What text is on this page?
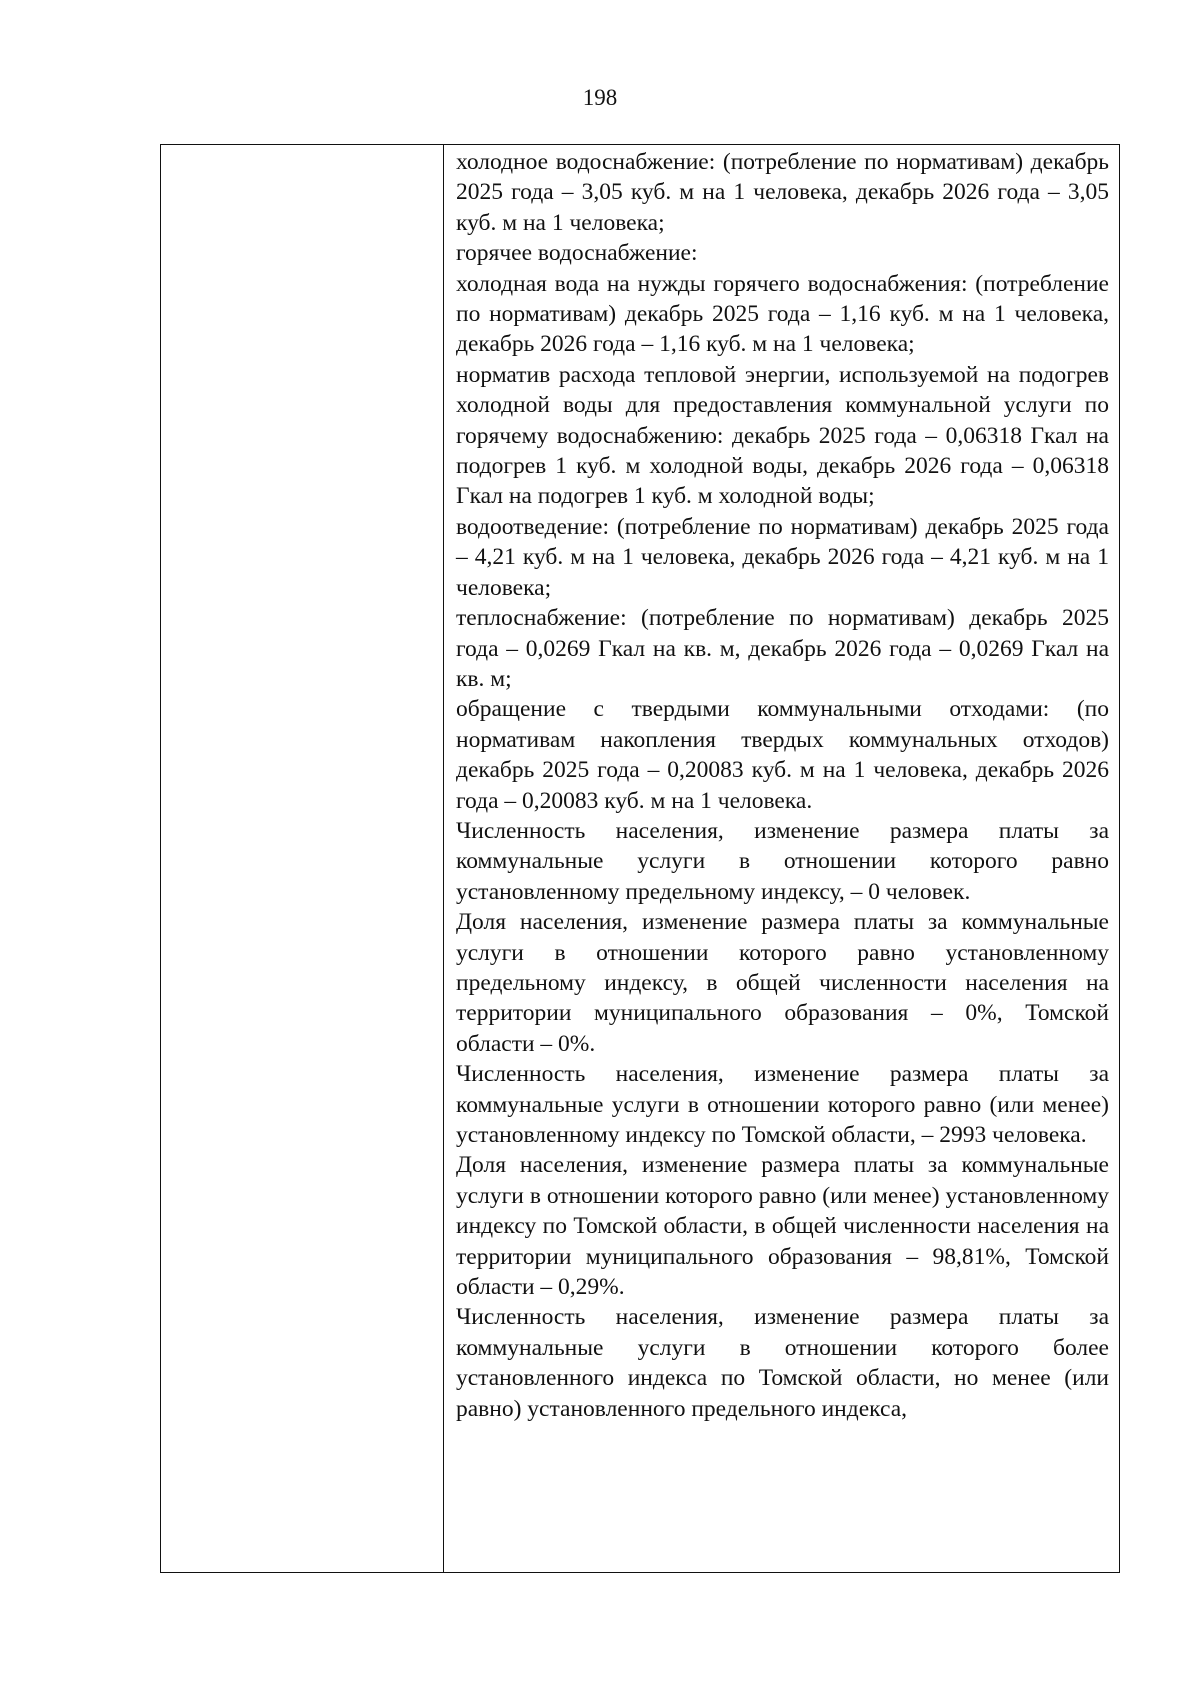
198

холодное водоснабжение: (потребление по нормативам) декабрь 2025 года – 3,05 куб. м на 1 человека, декабрь 2026 года – 3,05 куб. м на 1 человека;

горячее водоснабжение:

холодная вода на нужды горячего водоснабжения: (потребление по нормативам) декабрь 2025 года – 1,16 куб. м на 1 человека, декабрь 2026 года – 1,16 куб. м на 1 человека;

норматив расхода тепловой энергии, используемой на подогрев холодной воды для предоставления коммунальной услуги по горячему водоснабжению: декабрь 2025 года – 0,06318 Гкал на подогрев 1 куб. м холодной воды, декабрь 2026 года – 0,06318 Гкал на подогрев 1 куб. м холодной воды;

водоотведение: (потребление по нормативам) декабрь 2025 года – 4,21 куб. м на 1 человека, декабрь 2026 года – 4,21 куб. м на 1 человека;

теплоснабжение: (потребление по нормативам) декабрь 2025 года – 0,0269 Гкал на кв. м, декабрь 2026 года – 0,0269 Гкал на кв. м;

обращение с твердыми коммунальными отходами: (по нормативам накопления твердых коммунальных отходов) декабрь 2025 года – 0,20083 куб. м на 1 человека, декабрь 2026 года – 0,20083 куб. м на 1 человека.

Численность населения, изменение размера платы за коммунальные услуги в отношении которого равно установленному предельному индексу, – 0 человек.

Доля населения, изменение размера платы за коммунальные услуги в отношении которого равно установленному предельному индексу, в общей численности населения на территории муниципального образования – 0%, Томской области – 0%.

Численность населения, изменение размера платы за коммунальные услуги в отношении которого равно (или менее) установленному индексу по Томской области, – 2993 человека.

Доля населения, изменение размера платы за коммунальные услуги в отношении которого равно (или менее) установленному индексу по Томской области, в общей численности населения на территории муниципального образования – 98,81%, Томской области – 0,29%.

Численность населения, изменение размера платы за коммунальные услуги в отношении которого более установленного индекса по Томской области, но менее (или равно) установленного предельного индекса,
